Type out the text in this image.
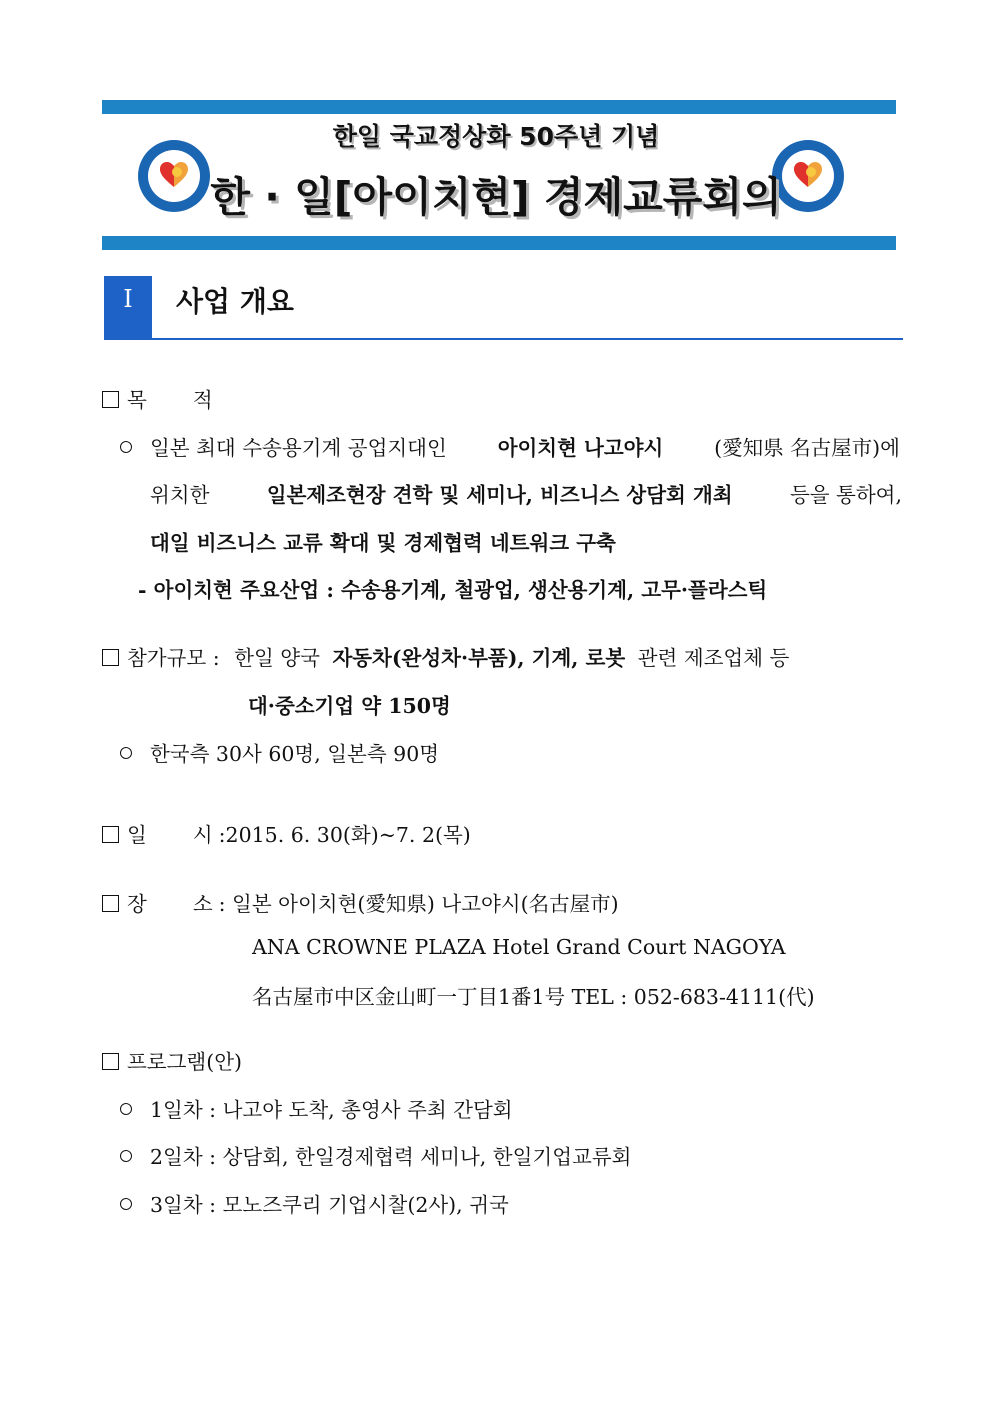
한일 국교정상화 50주년 기념
한 · 일[아이치현] 경제교류회의
Ⅰ	사업 개요
목 적
일본 최대 수송용기계 공업지대인 아이치현 나고야시 (愛知県 名古屋市)에
위치한	일본제조현장 견학 및 세미나, 비즈니스 상담회 개최	등을 통하여,
대일 비즈니스 교류 확대 및 경제협력 네트워크 구축
- 아이치현 주요산업 : 수송용기계, 철광업, 생산용기계, 고무·플라스틱
참가규모 : 한일 양국 자동차(완성차·부품), 기계, 로봇 관련 제조업체 등
대·중소기업 약 150명
한국측 30사 60명, 일본측 90명
일 시 :2015. 6. 30(화)~7. 2(목)
장 소 : 일본 아이치현(愛知県) 나고야시(名古屋市)
ANA CROWNE PLAZA Hotel Grand Court NAGOYA
名古屋市中区金山町一丁目1番1号 TEL : 052-683-4111(代)
프로그램(안)
1일차 : 나고야 도착, 총영사 주최 간담회
2일차 : 상담회, 한일경제협력 세미나, 한일기업교류회
3일차 : 모노즈쿠리 기업시찰(2사), 귀국
